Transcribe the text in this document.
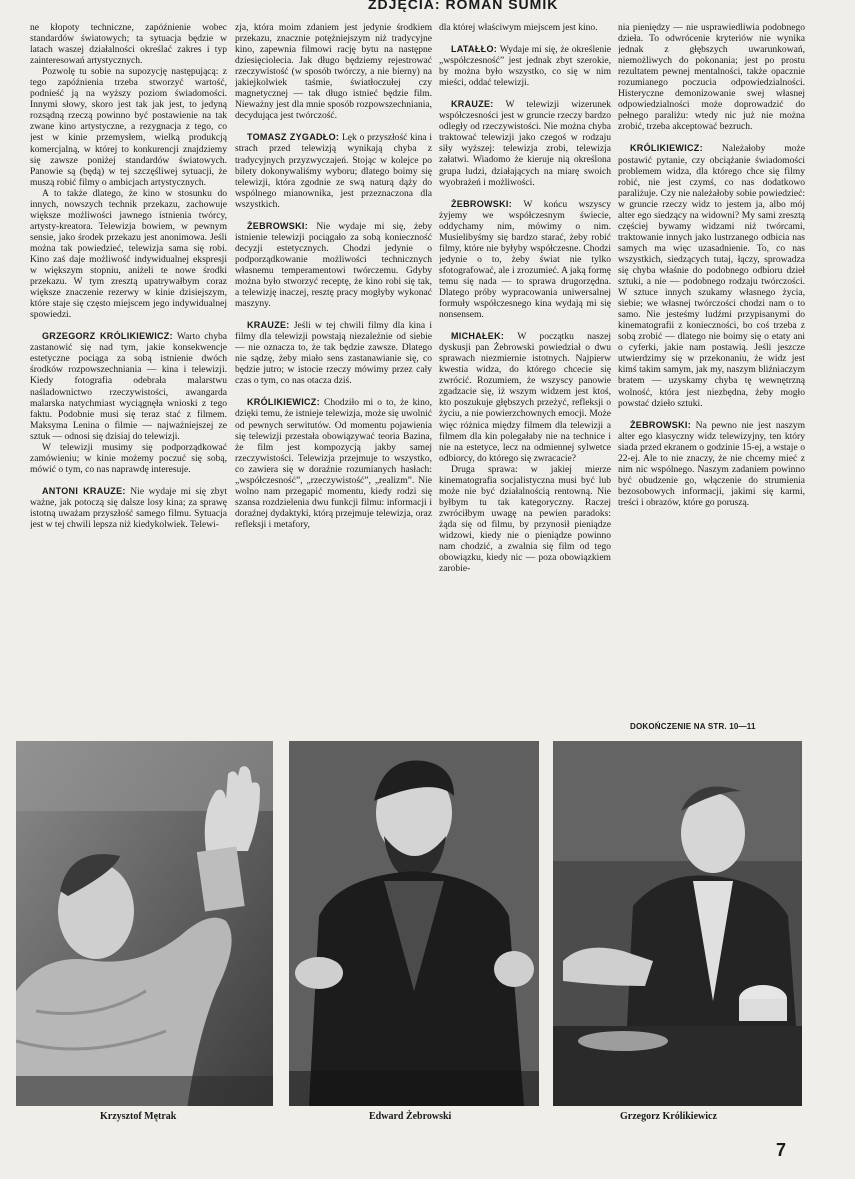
ZDJĘCIA: ROMAN SUMIK

ne kłopoty techniczne, zapóźnienie wobec standardów światowych; ta sytuacja będzie w latach waszej działalności określać zakres i typ zainteresowań artystycznych.

Pozwolę tu sobie na supozycję następującą: z tego zapóźnienia trzeba stworzyć wartość, podnieść ją na wyższy poziom świadomości. Innymi słowy, skoro jest tak jak jest, to jedyną rozsądną rzeczą powinno być postawienie na tak zwane kino artystyczne, a rezygnacja z tego, co jest w kinie przemysłem, wielką produkcją komercjalną, w której to konkurencji znajdziemy się zawsze poniżej standardów światowych. Panowie są (będą) w tej szczęśliwej sytuacji, że muszą robić filmy o ambicjach artystycznych.

A to także dlatego, że kino w stosunku do innych, nowszych technik przekazu, zachowuje większe możliwości jawnego istnienia twórcy, artysty-kreatora. Telewizja bowiem, w pewnym sensie, jako środek przekazu jest anonimowa. Jeśli można tak powiedzieć, telewizja sama się robi. Kino zaś daje możliwość indywidualnej ekspresji w większym stopniu, aniżeli te nowe środki przekazu. W tym zresztą upatrywałbym coraz większe znaczenie rezerwy w kinie dzisiejszym, które staje się często miejscem jego indywidualnej spowiedzi.

GRZEGORZ KRÓLIKIEWICZ: Warto chyba zastanowić się nad tym, jakie konsekwencje estetyczne pociąga za sobą istnienie dwóch środków rozpowszechniania — kina i telewizji. Kiedy fotografia odebrała malarstwu naśladownictwo rzeczywistości, awangarda malarska natychmiast wyciągnęła wnioski z tego faktu. Podobnie musi się teraz stać z filmem. Maksyma Lenina o filmie — najważniejszej ze sztuk — odnosi się dzisiaj do telewizji.

W telewizji musimy się podporządkować zamówieniu; w kinie możemy poczuć się sobą, mówić o tym, co nas naprawdę interesuje.

ANTONI KRAUZE: Nie wydaje mi się zbyt ważne, jak potoczą się dalsze losy kina; za sprawę istotną uważam przyszłość samego filmu. Sytuacja jest w tej chwili lepsza niż kiedykolwiek. Telewi-

zja, która moim zdaniem jest jedynie środkiem przekazu, znacznie potężniejszym niż tradycyjne kino, zapewnia filmowi rację bytu na następne dziesięciolecia. Jak długo będziemy rejestrować rzeczywistość (w sposób twórczy, a nie bierny) na jakiejkolwiek taśmie, światłoczułej czy magnetycznej — tak długo istnieć będzie film. Nieważny jest dla mnie sposób rozpowszechniania, decydująca jest twórczość.

TOMASZ ZYGADŁO: Lęk o przyszłość kina i strach przed telewizją wynikają chyba z tradycyjnych przyzwyczajeń. Stojąc w kolejce po bilety dokonywaliśmy wyboru; dlatego boimy się telewizji, która zgodnie ze swą naturą dąży do wspólnego mianownika, jest przeznaczona dla wszystkich.

ŻEBROWSKI: Nie wydaje mi się, żeby istnienie telewizji pociągało za sobą konieczność decyzji estetycznych. Chodzi jedynie o podporządkowanie możliwości technicznych własnemu temperamentowi twórczemu. Gdyby można było stworzyć receptę, że kino robi się tak, a telewizję inaczej, resztę pracy mogłyby wykonać maszyny.

KRAUZE: Jeśli w tej chwili filmy dla kina i filmy dla telewizji powstają niezależnie od siebie — nie oznacza to, że tak będzie zawsze. Dlatego nie sądzę, żeby miało sens zastanawianie się, co będzie jutro; w istocie rzeczy mówimy przez cały czas o tym, co nas otacza dziś.

KRÓLIKIEWICZ: Chodziło mi o to, że kino, dzięki temu, że istnieje telewizja, może się uwolnić od pewnych serwitutów. Od momentu pojawienia się telewizji przestała obowiązywać teoria Bazina, że film jest kompozycją jakby samej rzeczywistości. Telewizja przejmuje to wszystko, co zawiera się w doraźnie rozumianych hasłach: „współczesność”, „rzeczywistość”, „realizm”. Nie wolno nam przegapić momentu, kiedy rodzi się szansa rozdzielenia dwu funkcji filmu: informacji i doraźnej dydaktyki, którą przejmuje telewizja, oraz refleksji i metafory,

dla której właściwym miejscem jest kino.

LATAŁŁO: Wydaje mi się, że określenie „współczesność” jest jednak zbyt szerokie, by można było wszystko, co się w nim mieści, oddać telewizji.

KRAUZE: W telewizji wizerunek współczesności jest w gruncie rzeczy bardzo odległy od rzeczywistości. Nie można chyba traktować telewizji jako czegoś w rodzaju siły wyższej: telewizja zrobi, telewizja załatwi. Wiadomo że kieruje nią określona grupa ludzi, działających na miarę swoich wyobrażeń i możliwości.

ŻEBROWSKI: W końcu wszyscy żyjemy we współczesnym świecie, oddychamy nim, mówimy o nim. Musielibyśmy się bardzo starać, żeby robić filmy, które nie byłyby współczesne. Chodzi jedynie o to, żeby świat nie tylko sfotografować, ale i zrozumieć. A jaką formę temu się nada — to sprawa drugorzędna. Dlatego próby wypracowania uniwersalnej formuły współczesnego kina wydają mi się nonsensem.

MICHAŁEK: W początku naszej dyskusji pan Żebrowski powiedział o dwu sprawach niezmiernie istotnych. Najpierw kwestia widza, do którego chcecie się zwrócić. Rozumiem, że wszyscy panowie zgadzacie się, iż wszym widzem jest ktoś, kto poszukuje głębszych przeżyć, refleksji o życiu, a nie powierzchownych emocji. Może więc różnica między filmem dla telewizji a filmem dla kin polegałaby nie na technice i nie na estetyce, lecz na odmiennej sylwetce odbiorcy, do którego się zwracacie?

Druga sprawa: w jakiej mierze kinematografia socjalistyczna musi być lub może nie być działalnością rentowną. Nie byłbym tu tak kategoryczny. Raczej zwróciłbym uwagę na pewien paradoks: żąda się od filmu, by przynosił pieniądze widzowi, kiedy nie o pieniądze powinno nam chodzić, a zwalnia się film od tego obowiązku, kiedy nic — poza obowiązkiem zarobie-

nia pieniędzy — nie usprawiedliwia podobnego dzieła. To odwrócenie kryteriów nie wynika jednak z głębszych uwarunkowań, niemożliwych do pokonania; jest po prostu rezultatem pewnej mentalności, także opacznie rozumianego poczucia odpowiedzialności. Histeryczne demonizowanie swej własnej odpowiedzialności może doprowadzić do pełnego paraliżu: wtedy nic już nie można zrobić, trzeba akceptować bezruch.

KRÓLIKIEWICZ: Należałoby może postawić pytanie, czy obciążanie świadomości problemem widza, dla którego chce się filmy robić, nie jest czymś, co nas dodatkowo paraliżuje. Czy nie należałoby sobie powiedzieć: w gruncie rzeczy widz to jestem ja, albo mój alter ego siedzący na widowni? My sami zresztą częściej bywamy widzami niż twórcami, traktowanie innych jako lustrzanego odbicia nas samych ma więc uzasadnienie. To, co nas wszystkich, siedzących tutaj, łączy, sprowadza się chyba właśnie do podobnego odbioru dzieł sztuki, a nie — podobnego rodzaju twórczości. W sztuce innych szukamy własnego życia, siebie; we własnej twórczości chodzi nam o to samo. Nie jesteśmy ludźmi przypisanymi do kinematografii z konieczności, bo coś trzeba z sobą zrobić — dlatego nie boimy się o etaty ani o cyferki, jakie nam postawią. Jeśli jeszcze utwierdzimy się w przekonaniu, że widz jest kimś takim samym, jak my, naszym bliźniaczym bratem — uzyskamy chyba tę wewnętrzną wolność, która jest niezbędna, żeby mogło powstać dzieło sztuki.

ŻEBROWSKI: Na pewno nie jest naszym alter ego klasyczny widz telewizyjny, ten który siada przed ekranem o godzinie 15-ej, a wstaje o 22-ej. Ale to nie znaczy, że nie chcemy mieć z nim nic wspólnego. Naszym zadaniem powinno być obudzenie go, włączenie do strumienia bezosobowych informacji, jakimi się karmi, treści i obrazów, które go poruszą.

DOKOŃCZENIE NA STR. 10—11
Krzysztof Mętrak	Edward Żebrowski	Grzegorz Królikiewicz
7
